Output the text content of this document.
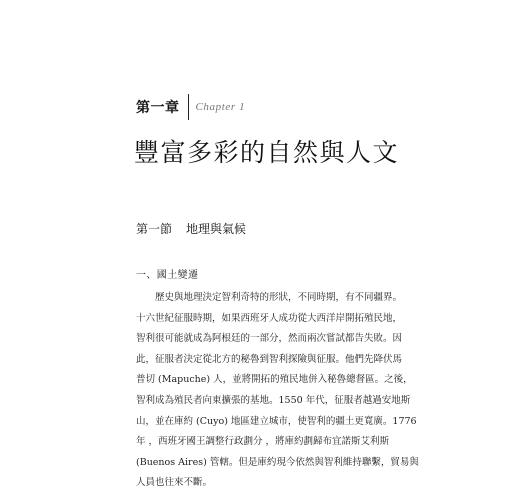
第一章 Chapter 1
豐富多彩的自然與人文
第一節 地理與氣候
一、國土變遷
歷史與地理決定智利奇特的形狀，不同時期，有不同疆界。
十六世紀征服時期，如果西班牙人成功從大西洋岸開拓殖民地，
智利很可能就成為阿根廷的一部分，然而兩次嘗試都告失敗。因
此，征服者決定從北方的秘魯到智利探險與征服。他們先降伏馬
普切 (Mapuche) 人，並將開拓的殖民地併入秘魯總督區。之後，
智利成為殖民者向東擴張的基地。1550 年代，征服者越過安地斯
山，並在庫約 (Cuyo) 地區建立城市，使智利的疆土更寬廣。1776
年 ，西班牙國王調整行政劃分 ，將庫約劃歸布宜諾斯艾利斯
(Buenos Aires) 管轄。但是庫約現今依然與智利維持聯繫，貿易與
人員也往來不斷。
